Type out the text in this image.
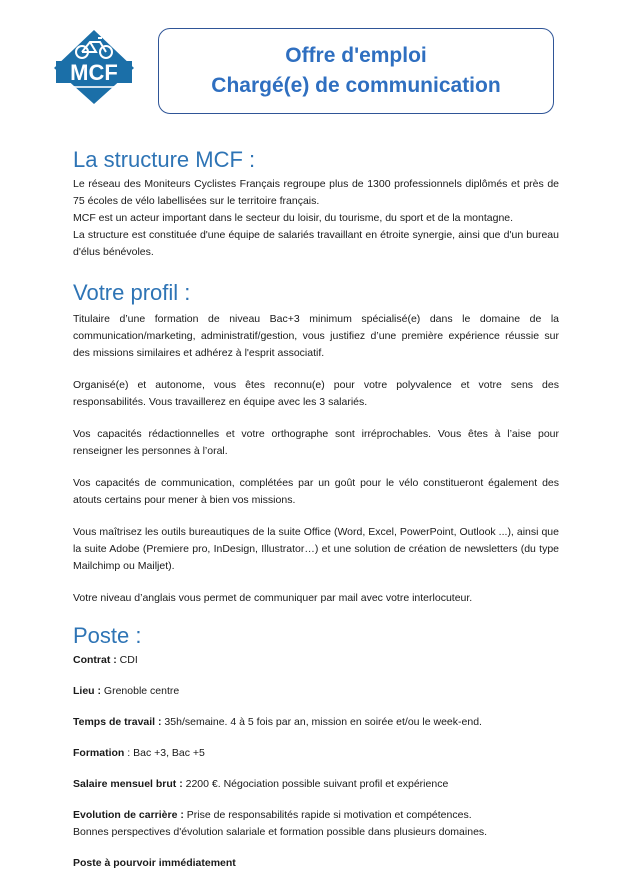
MCF
Offre d'emploi
Chargé(e) de communication
La structure MCF :

Le réseau des Moniteurs Cyclistes Français regroupe plus de 1300 professionnels diplômés et près de 75 écoles de vélo labellisées sur le territoire français.

MCF est un acteur important dans le secteur du loisir, du tourisme, du sport et de la montagne.

La structure est constituée d'une équipe de salariés travaillant en étroite synergie, ainsi que d'un bureau d'élus bénévoles.

Votre profil :

Titulaire d’une formation de niveau Bac+3 minimum spécialisé(e) dans le domaine de la communication/marketing, administratif/gestion, vous justifiez d’une première expérience réussie sur des missions similaires et adhérez à l'esprit associatif.

Organisé(e) et autonome, vous êtes reconnu(e) pour votre polyvalence et votre sens des responsabilités. Vous travaillerez en équipe avec les 3 salariés.

Vos capacités rédactionnelles et votre orthographe sont irréprochables. Vous êtes à l’aise pour renseigner les personnes à l’oral.

Vos capacités de communication, complétées par un goût pour le vélo constitueront également des atouts certains pour mener à bien vos missions.

Vous maîtrisez les outils bureautiques de la suite Office (Word, Excel, PowerPoint, Outlook ...), ainsi que la suite Adobe (Premiere pro, InDesign, Illustrator…) et une solution de création de newsletters (du type Mailchimp ou Mailjet).

Votre niveau d’anglais vous permet de communiquer par mail avec votre interlocuteur.

Poste :

Contrat : CDI

Lieu : Grenoble centre

Temps de travail : 35h/semaine. 4 à 5 fois par an, mission en soirée et/ou le week-end.

Formation : Bac +3, Bac +5

Salaire mensuel brut : 2200 €. Négociation possible suivant profil et expérience

Evolution de carrière : Prise de responsabilités rapide si motivation et compétences.
Bonnes perspectives d'évolution salariale et formation possible dans plusieurs domaines.

Poste à pourvoir immédiatement
